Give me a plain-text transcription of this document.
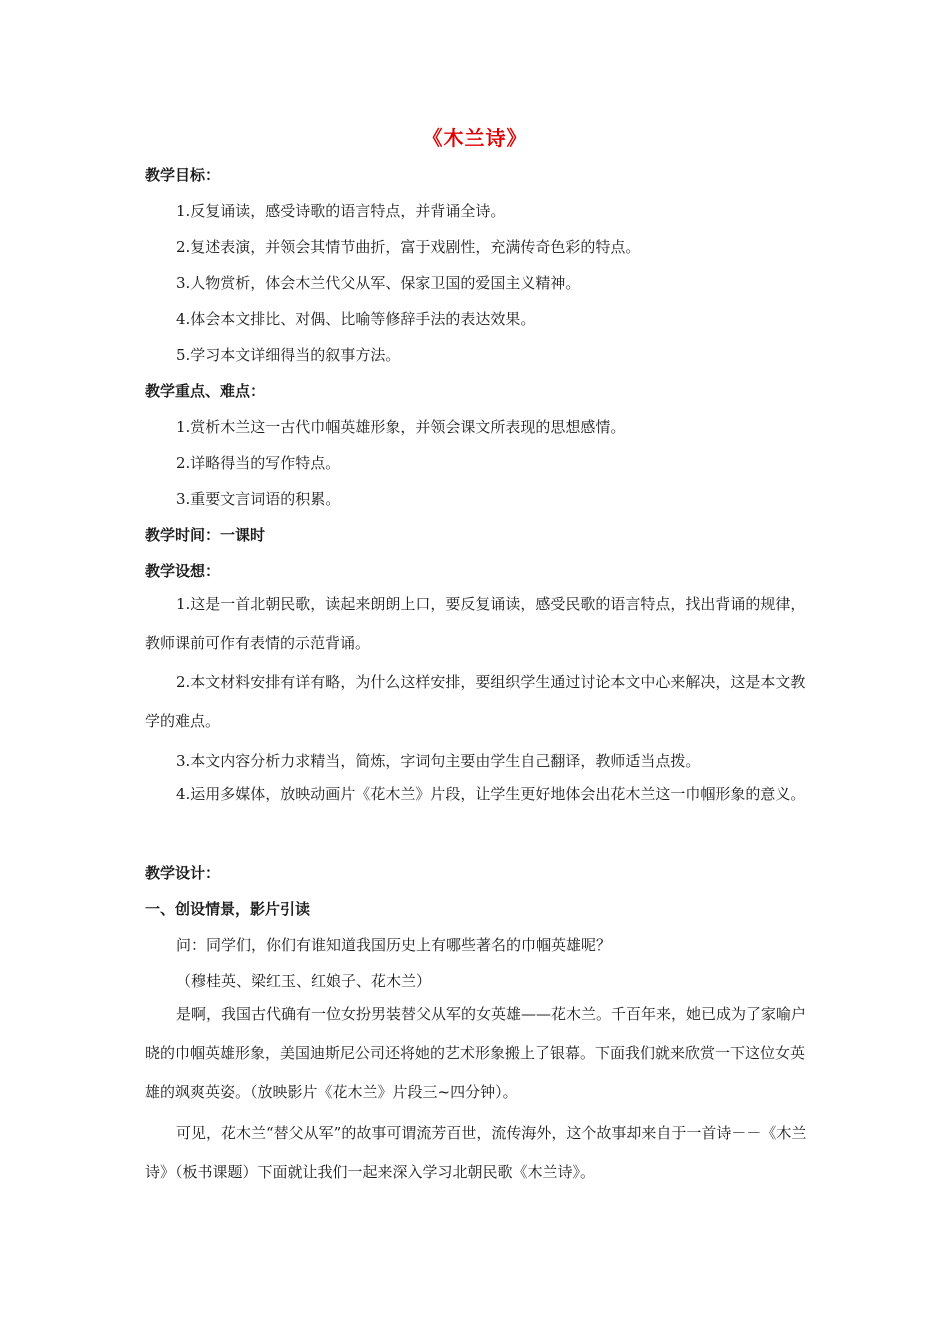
《木兰诗》
教学目标：
1.反复诵读，感受诗歌的语言特点，并背诵全诗。
2.复述表演，并领会其情节曲折，富于戏剧性，充满传奇色彩的特点。
3.人物赏析，体会木兰代父从军、保家卫国的爱国主义精神。
4.体会本文排比、对偶、比喻等修辞手法的表达效果。
5.学习本文详细得当的叙事方法。
教学重点、难点：
1.赏析木兰这一古代巾帼英雄形象，并领会课文所表现的思想感情。
2.详略得当的写作特点。
3.重要文言词语的积累。
教学时间：一课时
教学设想：
1.这是一首北朝民歌，读起来朗朗上口，要反复诵读，感受民歌的语言特点，找出背诵的规律，教师课前可作有表情的示范背诵。
2.本文材料安排有详有略，为什么这样安排，要组织学生通过讨论本文中心来解决，这是本文教学的难点。
3.本文内容分析力求精当，简炼，字词句主要由学生自己翻译，教师适当点拨。
4.运用多媒体，放映动画片《花木兰》片段，让学生更好地体会出花木兰这一巾帼形象的意义。
教学设计：
一、创设情景，影片引读
问：同学们，你们有谁知道我国历史上有哪些著名的巾帼英雄呢？
（穆桂英、梁红玉、红娘子、花木兰）
是啊，我国古代确有一位女扮男装替父从军的女英雄——花木兰。千百年来，她已成为了家喻户晓的巾帼英雄形象，美国迪斯尼公司还将她的艺术形象搬上了银幕。下面我们就来欣赏一下这位女英雄的飒爽英姿。（放映影片《花木兰》片段三~四分钟）。
可见，花木兰“替父从军”的故事可谓流芳百世，流传海外，这个故事却来自于一首诗－－《木兰诗》（板书课题）下面就让我们一起来深入学习北朝民歌《木兰诗》。
